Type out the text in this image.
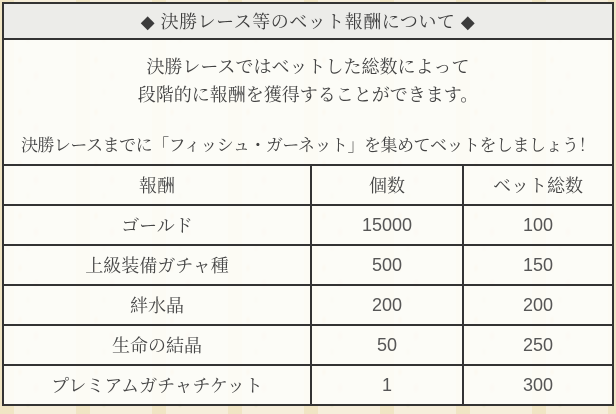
◆ 決勝レース等のベット報酬について ◆
決勝レースではベットした総数によって
段階的に報酬を獲得することができます。
決勝レースまでに「フィッシュ・ガーネット」を集めてベットをしましょう！
報酬	個数	ベット総数
ゴールド	15000	100
上級装備ガチャ種	500	150
絆水晶	200	200
生命の結晶	50	250
プレミアムガチャチケット	1	300
